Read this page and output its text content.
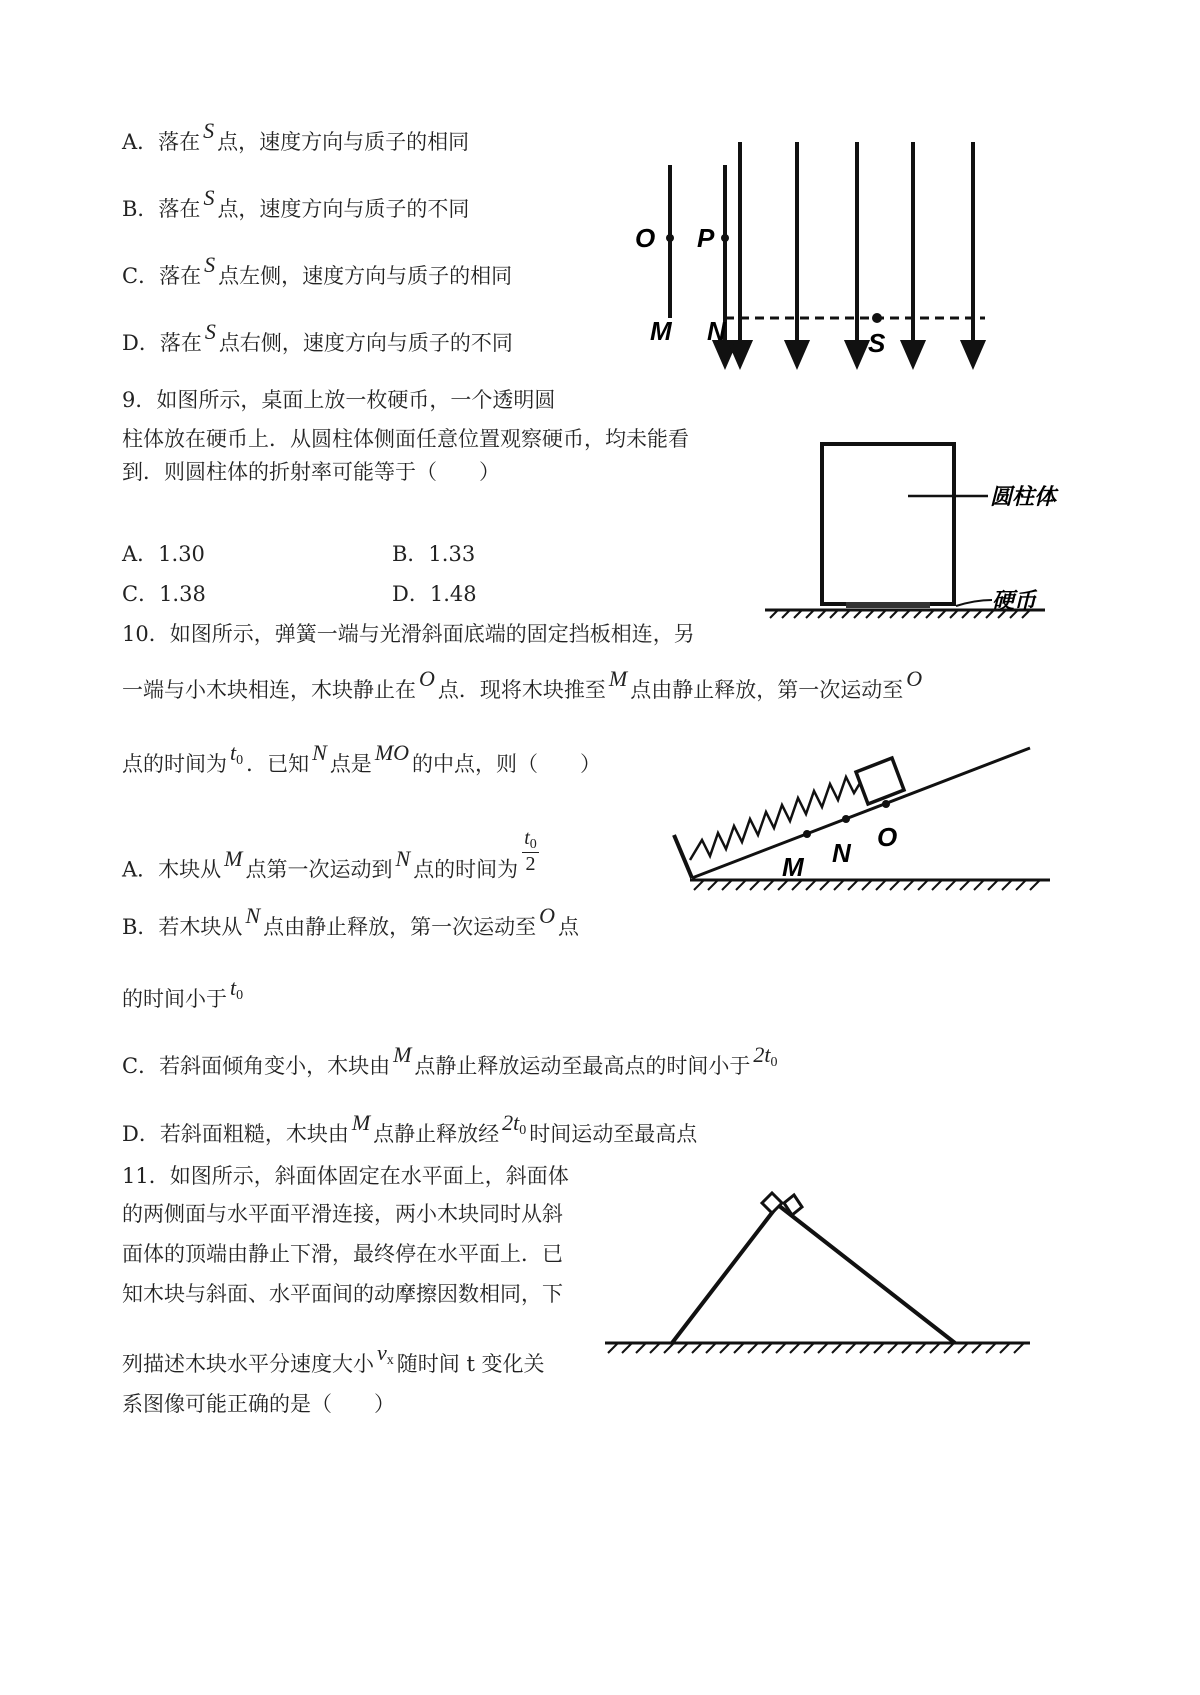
A．落在 S 点，速度方向与质子的相同
B．落在 S 点，速度方向与质子的不同
C．落在 S 点左侧，速度方向与质子的相同
D．落在 S 点右侧，速度方向与质子的不同
O P
M N	S
9．如图所示，桌面上放一枚硬币，一个透明圆
柱体放在硬币上．从圆柱体侧面任意位置观察硬币，均未能看
到．则圆柱体的折射率可能等于（　　）
A．1.30	B．1.33
C．1.38	D．1.48
圆柱体
硬币
10．如图所示，弹簧一端与光滑斜面底端的固定挡板相连，另
一端与小木块相连，木块静止在 O 点．现将木块推至 M 点由静止释放，第一次运动至 O
点的时间为 t0 ．已知 N 点是 MO 的中点，则（　　）
A．木块从 M 点第一次运动到 N 点的时间为 $\frac{t_0}{2}$
B．若木块从 N 点由静止释放，第一次运动至 O 点
的时间小于 t0
C．若斜面倾角变小，木块由 M 点静止释放运动至最高点的时间小于 2t0
D．若斜面粗糙，木块由 M 点静止释放经 2t0 时间运动至最高点
M N
O
11．如图所示，斜面体固定在水平面上，斜面体
的两侧面与水平面平滑连接，两小木块同时从斜
面体的顶端由静止下滑，最终停在水平面上．已
知木块与斜面、水平面间的动摩擦因数相同，下
列描述木块水平分速度大小 vx 随时间 t 变化关
系图像可能正确的是（　　）
